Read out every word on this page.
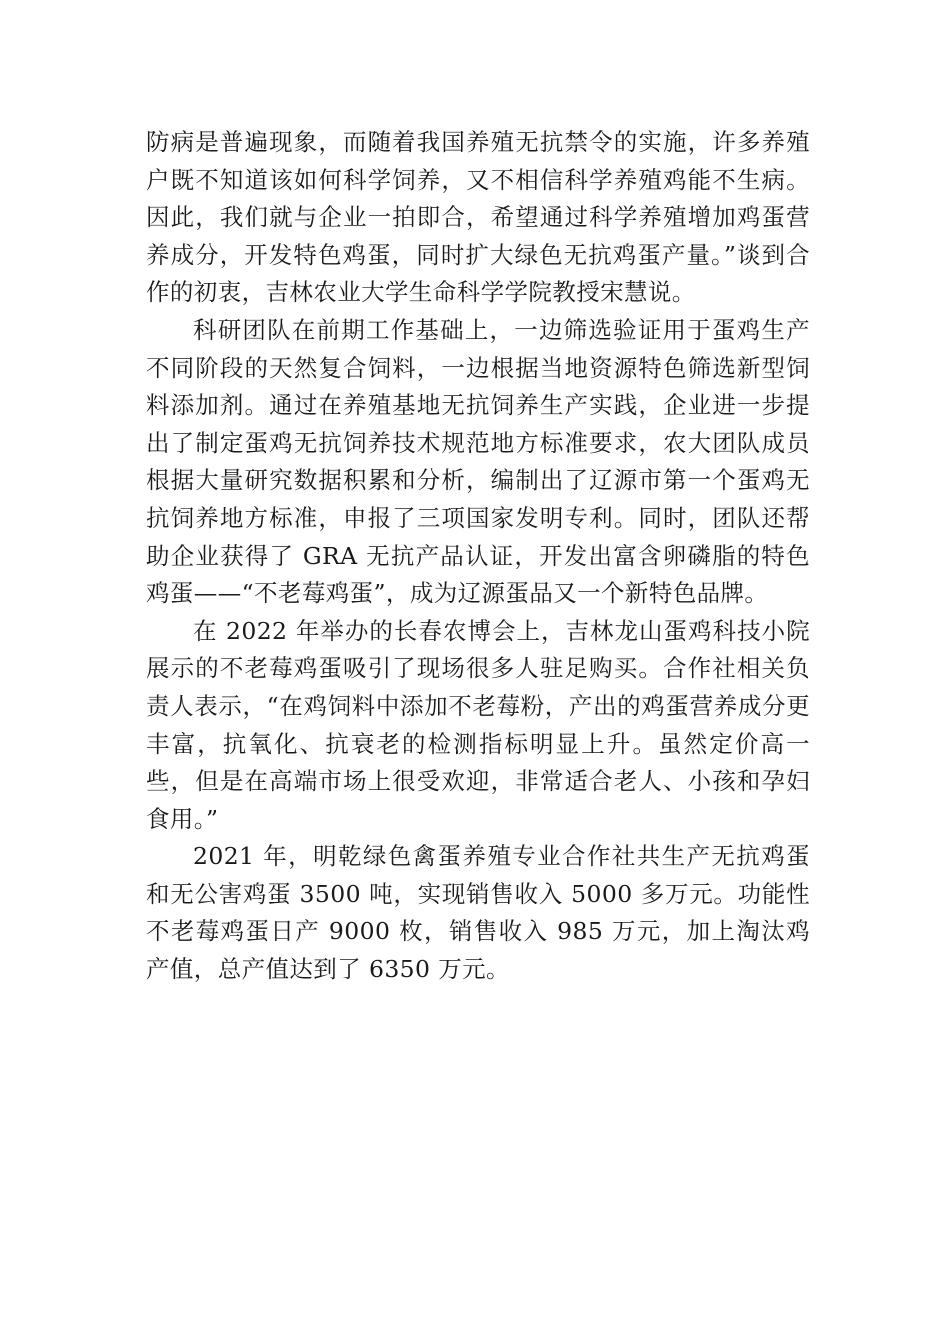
防病是普遍现象，而随着我国养殖无抗禁令的实施，许多养殖户既不知道该如何科学饲养，又不相信科学养殖鸡能不生病。因此，我们就与企业一拍即合，希望通过科学养殖增加鸡蛋营养成分，开发特色鸡蛋，同时扩大绿色无抗鸡蛋产量。”谈到合作的初衷，吉林农业大学生命科学学院教授宋慧说。

科研团队在前期工作基础上，一边筛选验证用于蛋鸡生产不同阶段的天然复合饲料，一边根据当地资源特色筛选新型饲料添加剂。通过在养殖基地无抗饲养生产实践，企业进一步提出了制定蛋鸡无抗饲养技术规范地方标准要求，农大团队成员根据大量研究数据积累和分析，编制出了辽源市第一个蛋鸡无抗饲养地方标准，申报了三项国家发明专利。同时，团队还帮助企业获得了 GRA 无抗产品认证，开发出富含卵磷脂的特色鸡蛋——“不老莓鸡蛋”，成为辽源蛋品又一个新特色品牌。

在 2022 年举办的长春农博会上，吉林龙山蛋鸡科技小院展示的不老莓鸡蛋吸引了现场很多人驻足购买。合作社相关负责人表示，“在鸡饲料中添加不老莓粉，产出的鸡蛋营养成分更丰富，抗氧化、抗衰老的检测指标明显上升。虽然定价高一些，但是在高端市场上很受欢迎，非常适合老人、小孩和孕妇食用。”

2021 年，明乾绿色禽蛋养殖专业合作社共生产无抗鸡蛋和无公害鸡蛋 3500 吨，实现销售收入 5000 多万元。功能性不老莓鸡蛋日产 9000 枚，销售收入 985 万元，加上淘汰鸡产值，总产值达到了 6350 万元。
